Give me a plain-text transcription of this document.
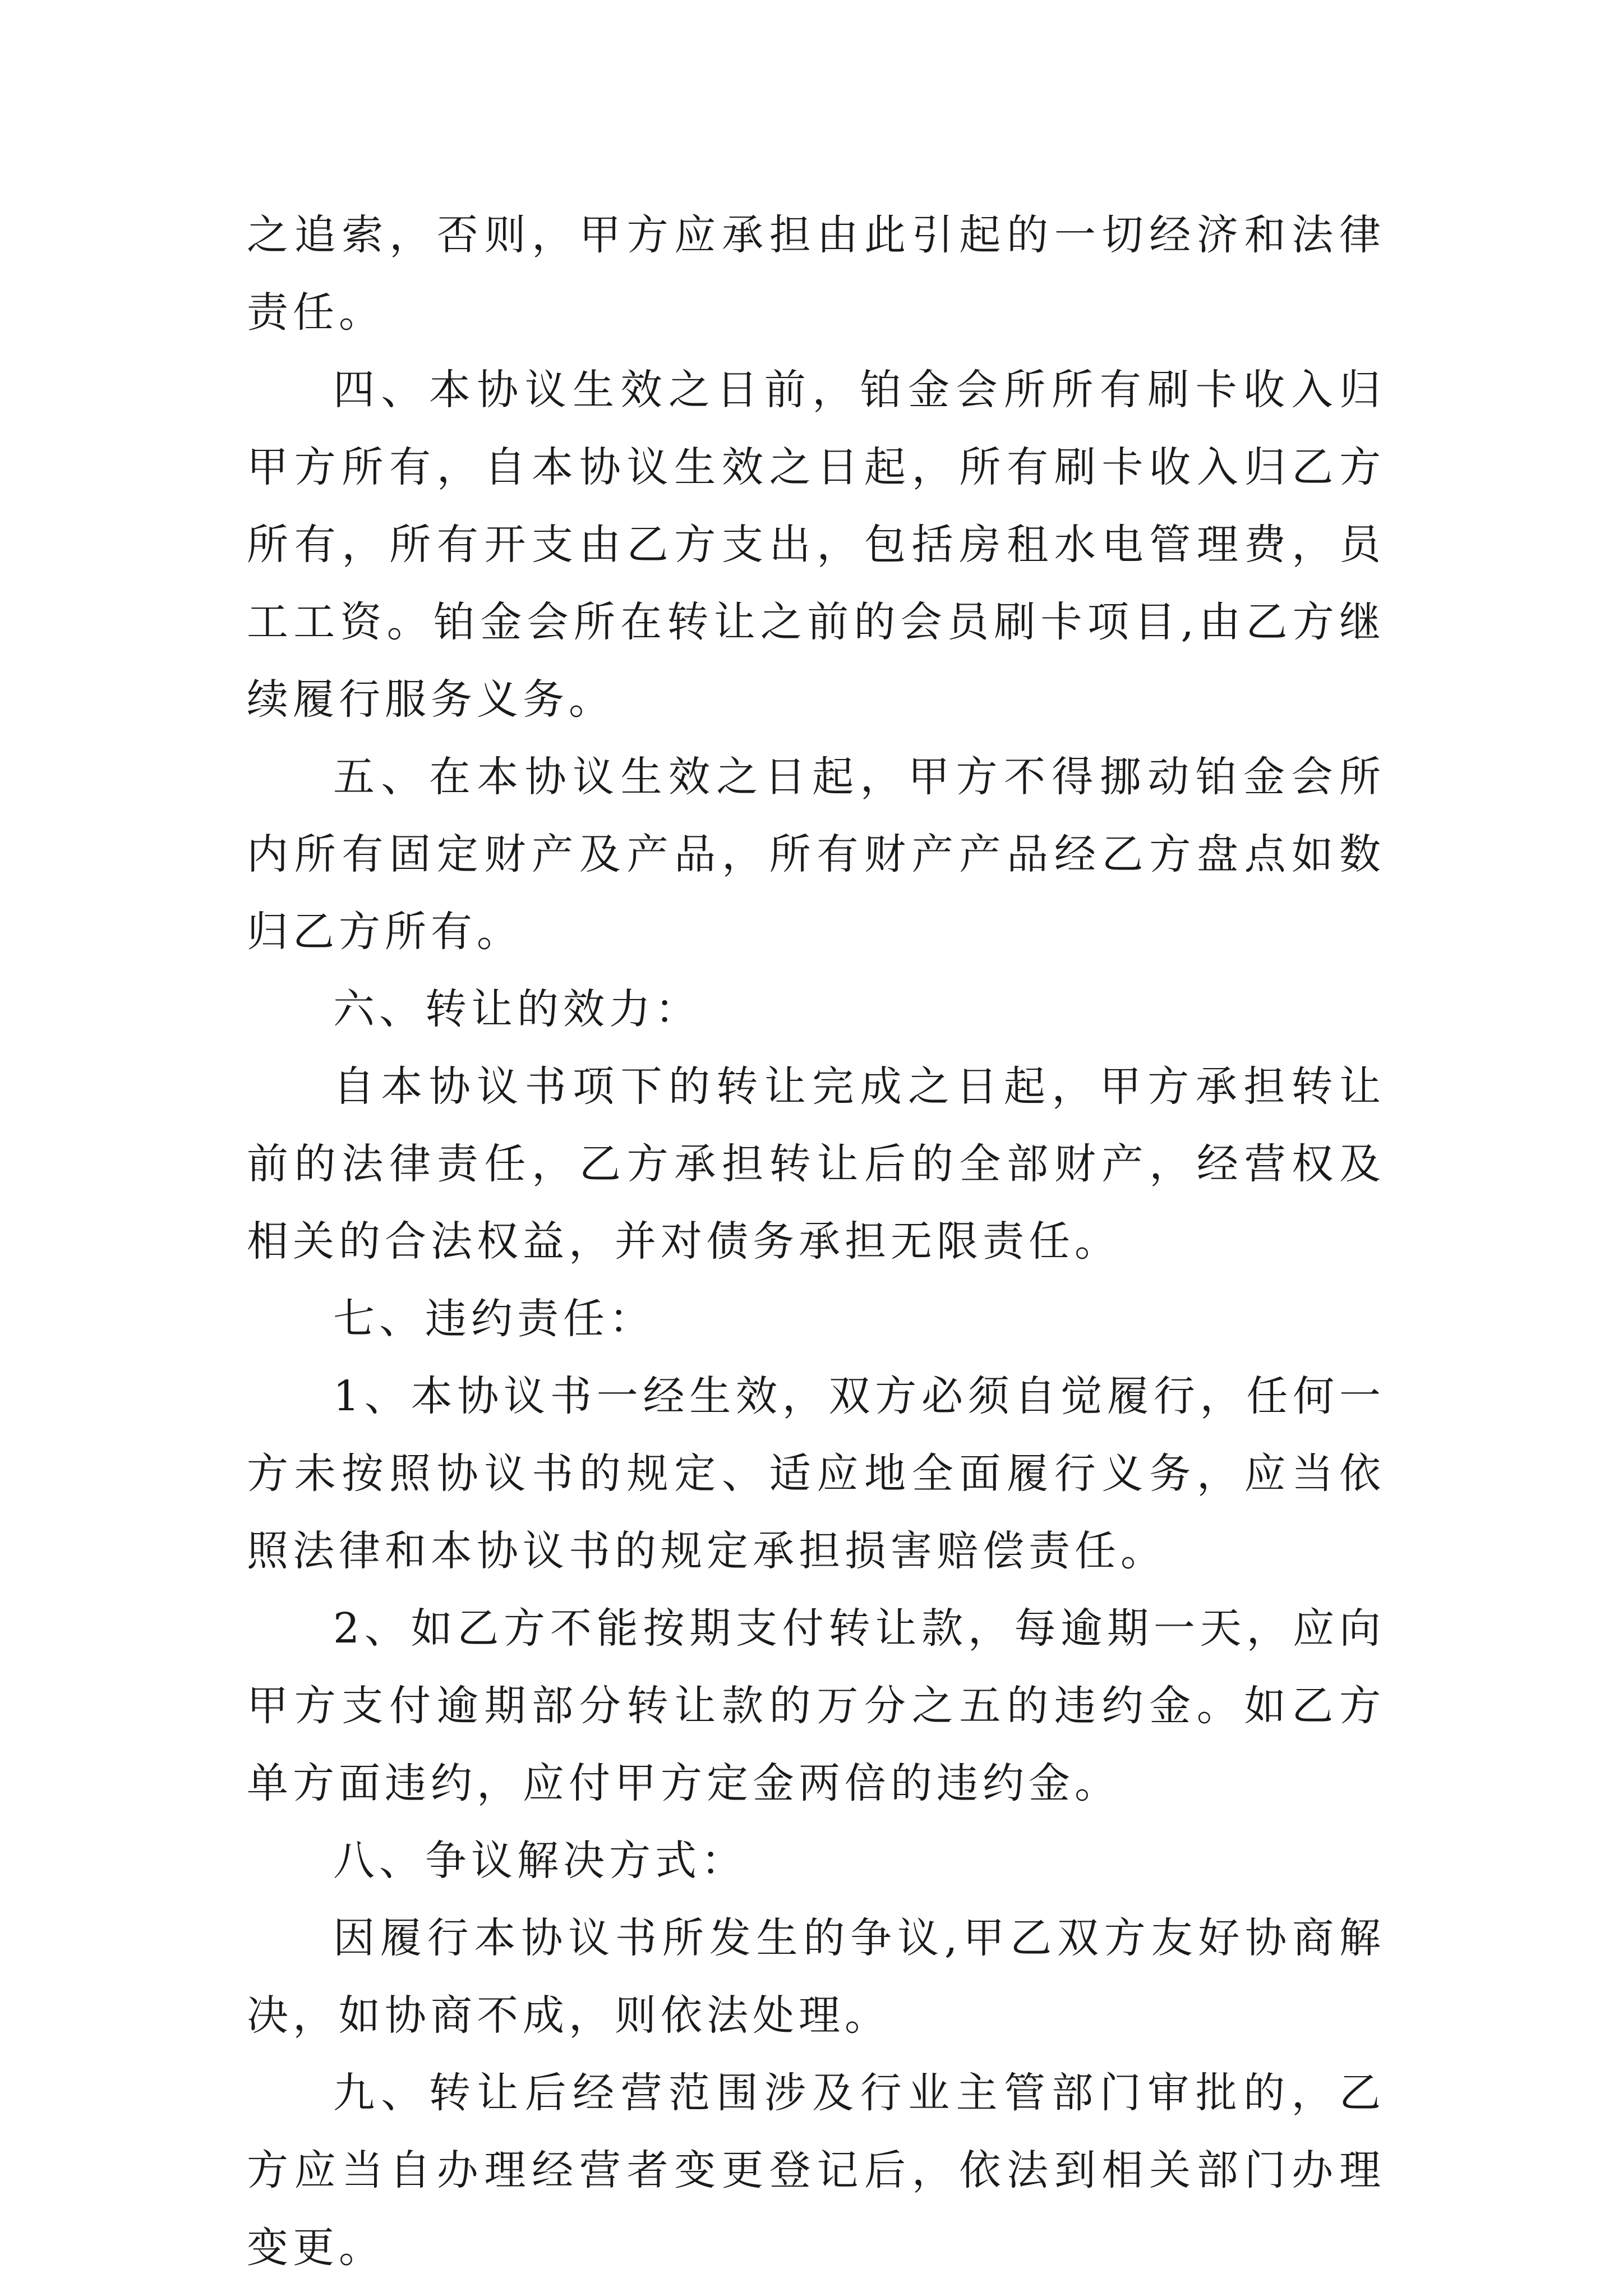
之追索，否则，甲方应承担由此引起的一切经济和法律责任。

四、本协议生效之日前，铂金会所所有刷卡收入归甲方所有，自本协议生效之日起，所有刷卡收入归乙方所有，所有开支由乙方支出，包括房租水电管理费，员工工资。铂金会所在转让之前的会员刷卡项目,由乙方继续履行服务义务。

五、在本协议生效之日起，甲方不得挪动铂金会所内所有固定财产及产品，所有财产产品经乙方盘点如数归乙方所有。

六、转让的效力：

自本协议书项下的转让完成之日起，甲方承担转让前的法律责任，乙方承担转让后的全部财产，经营权及相关的合法权益，并对债务承担无限责任。

七、违约责任：

1、本协议书一经生效，双方必须自觉履行，任何一方未按照协议书的规定、适应地全面履行义务，应当依照法律和本协议书的规定承担损害赔偿责任。

2、如乙方不能按期支付转让款，每逾期一天，应向甲方支付逾期部分转让款的万分之五的违约金。如乙方单方面违约，应付甲方定金两倍的违约金。

八、争议解决方式：

因履行本协议书所发生的争议,甲乙双方友好协商解决，如协商不成，则依法处理。

九、转让后经营范围涉及行业主管部门审批的，乙方应当自办理经营者变更登记后，依法到相关部门办理变更。
